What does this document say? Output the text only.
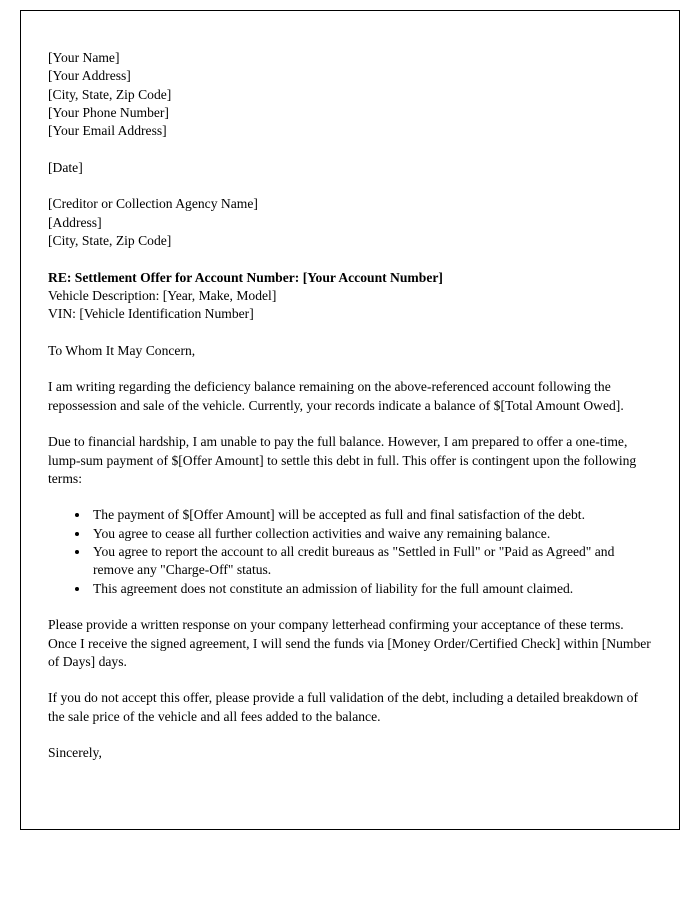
[Your Name]
[Your Address]
[City, State, Zip Code]
[Your Phone Number]
[Your Email Address]
[Date]
[Creditor or Collection Agency Name]
[Address]
[City, State, Zip Code]
RE: Settlement Offer for Account Number: [Your Account Number]
Vehicle Description: [Year, Make, Model]
VIN: [Vehicle Identification Number]

To Whom It May Concern,

I am writing regarding the deficiency balance remaining on the above-referenced account following the repossession and sale of the vehicle. Currently, your records indicate a balance of $[Total Amount Owed].

Due to financial hardship, I am unable to pay the full balance. However, I am prepared to offer a one-time, lump-sum payment of $[Offer Amount] to settle this debt in full. This offer is contingent upon the following terms:

• The payment of $[Offer Amount] will be accepted as full and final satisfaction of the debt.
• You agree to cease all further collection activities and waive any remaining balance.
• You agree to report the account to all credit bureaus as "Settled in Full" or "Paid as Agreed" and remove any "Charge-Off" status.
• This agreement does not constitute an admission of liability for the full amount claimed.

Please provide a written response on your company letterhead confirming your acceptance of these terms. Once I receive the signed agreement, I will send the funds via [Money Order/Certified Check] within [Number of Days] days.

If you do not accept this offer, please provide a full validation of the debt, including a detailed breakdown of the sale price of the vehicle and all fees added to the balance.

Sincerely,
